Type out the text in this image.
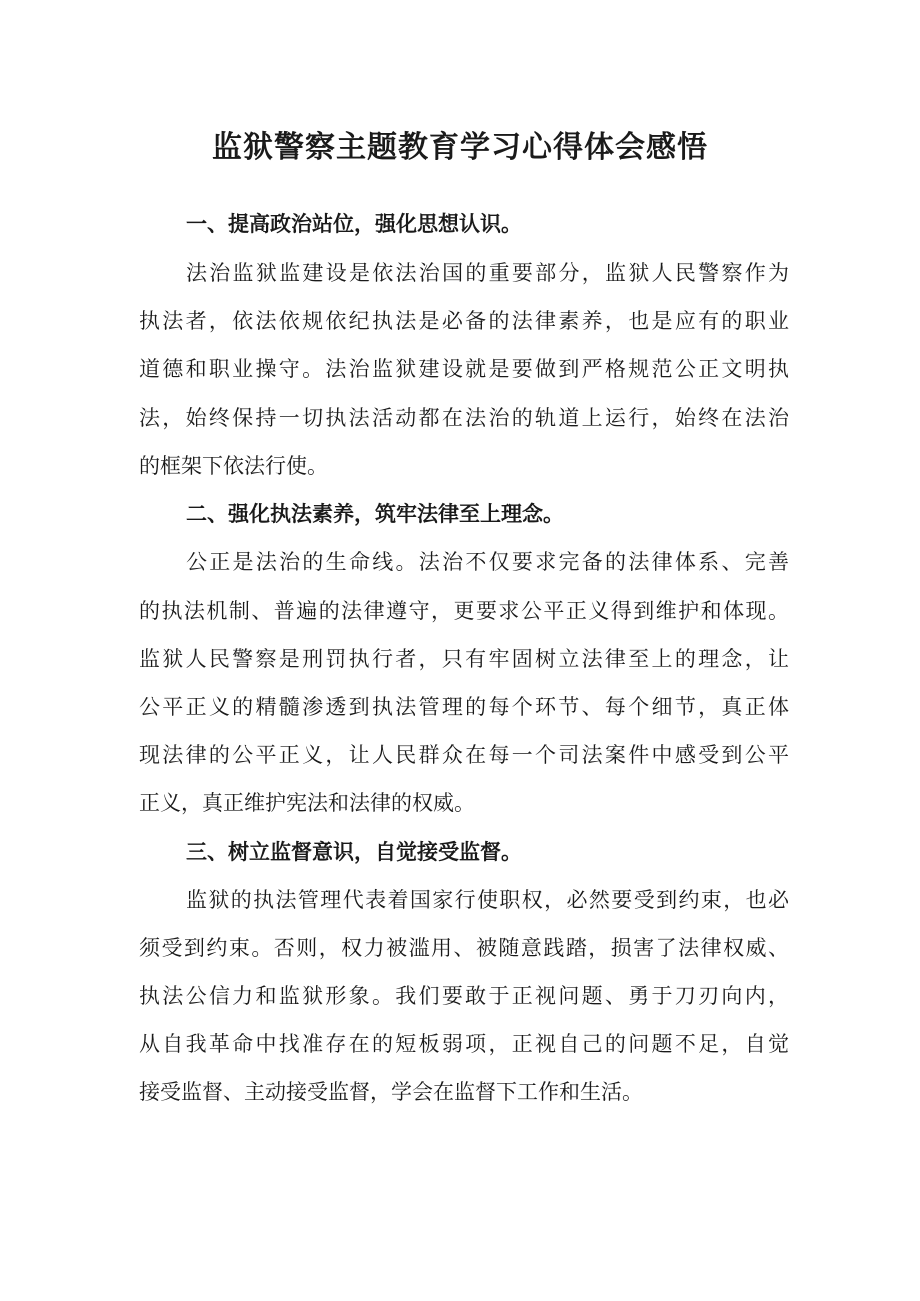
监狱警察主题教育学习心得体会感悟
一、提高政治站位，强化思想认识。
法治监狱监建设是依法治国的重要部分，监狱人民警察作为
执法者，依法依规依纪执法是必备的法律素养，也是应有的职业
道德和职业操守。法治监狱建设就是要做到严格规范公正文明执
法，始终保持一切执法活动都在法治的轨道上运行，始终在法治
的框架下依法行使。
二、强化执法素养，筑牢法律至上理念。
公正是法治的生命线。法治不仅要求完备的法律体系、完善
的执法机制、普遍的法律遵守，更要求公平正义得到维护和体现。
监狱人民警察是刑罚执行者，只有牢固树立法律至上的理念，让
公平正义的精髓渗透到执法管理的每个环节、每个细节，真正体
现法律的公平正义，让人民群众在每一个司法案件中感受到公平
正义，真正维护宪法和法律的权威。
三、树立监督意识，自觉接受监督。
监狱的执法管理代表着国家行使职权，必然要受到约束，也必
须受到约束。否则，权力被滥用、被随意践踏，损害了法律权威、
执法公信力和监狱形象。我们要敢于正视问题、勇于刀刃向内，
从自我革命中找准存在的短板弱项，正视自己的问题不足，自觉
接受监督、主动接受监督，学会在监督下工作和生活。
